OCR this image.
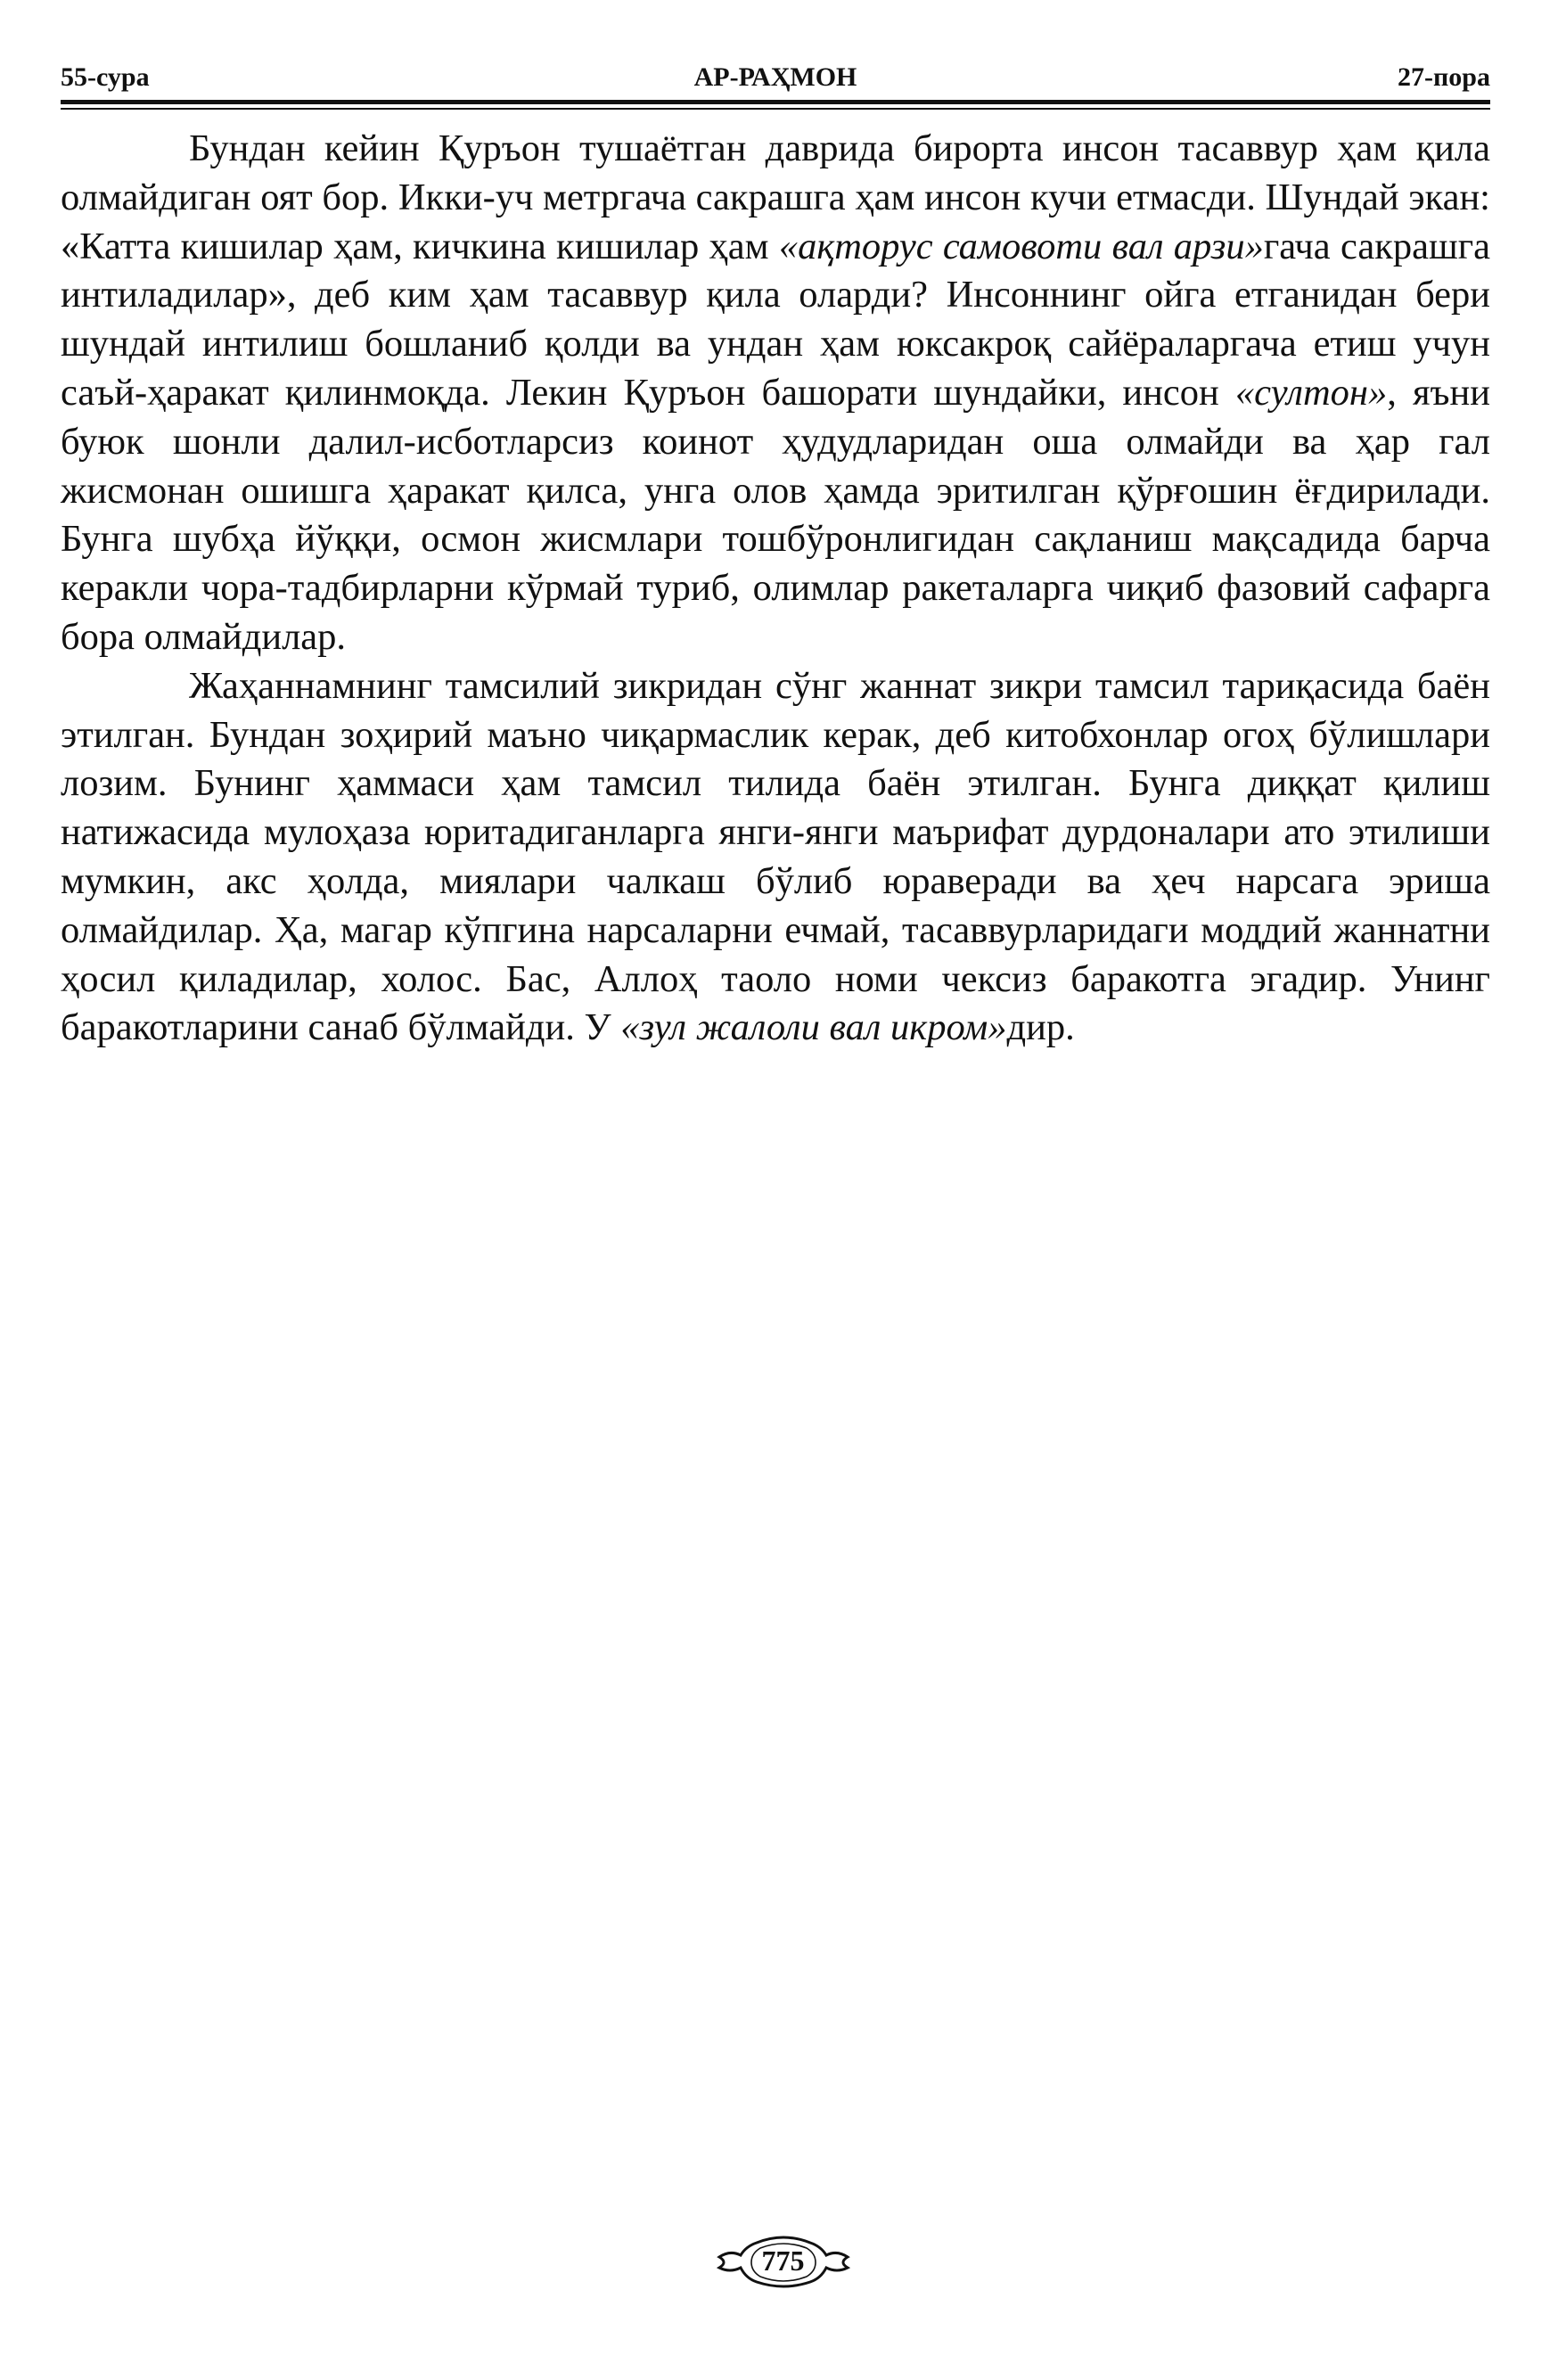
55-сура	АР-РАҲМОН	27-пора

Бундан кейин Қуръон тушаётган даврида бирорта инсон тасаввур ҳам қила олмайдиган оят бор. Икки-уч метргача сакрашга ҳам инсон кучи етмасди. Шундай экан: «Катта кишилар ҳам, кичкина кишилар ҳам «ақторус самовоти вал арзи»гача сакрашга интиладилар», деб ким ҳам тасаввур қила оларди? Инсоннинг ойга етганидан бери шундай интилиш бошланиб қолди ва ундан ҳам юксакроқ сайёраларгача етиш учун саъй-ҳаракат қилинмоқда. Лекин Қуръон башорати шундайки, инсон «султон», яъни буюк шонли далил-исботларсиз коинот ҳудудларидан оша олмайди ва ҳар гал жисмонан ошишга ҳаракат қилса, унга олов ҳамда эритилган қўрғошин ёғдирилади. Бунга шубҳа йўққи, осмон жисмлари тошбўронлигидан сақланиш мақсадида барча керакли чора-тадбирларни кўрмай туриб, олимлар ракеталарга чиқиб фазовий сафарга бора олмайдилар.

Жаҳаннамнинг тамсилий зикридан сўнг жаннат зикри тамсил тариқасида баён этилган. Бундан зоҳирий маъно чиқармаслик керак, деб китобхонлар огоҳ бўлишлари лозим. Бунинг ҳаммаси ҳам тамсил тилида баён этилган. Бунга диққат қилиш натижасида мулоҳаза юритадиганларга янги-янги маърифат дурдоналари ато этилиши мумкин, акс ҳолда, миялари чалкаш бўлиб юраверади ва ҳеч нарсага эриша олмайдилар. Ҳа, магар кўпгина нарсаларни ечмай, тасаввурларидаги моддий жаннатни ҳосил қиладилар, холос. Бас, Аллоҳ таоло номи чексиз баракотга эгадир. Унинг баракотларини санаб бўлмайди. У «зул жалоли вал икром»дир.

775
